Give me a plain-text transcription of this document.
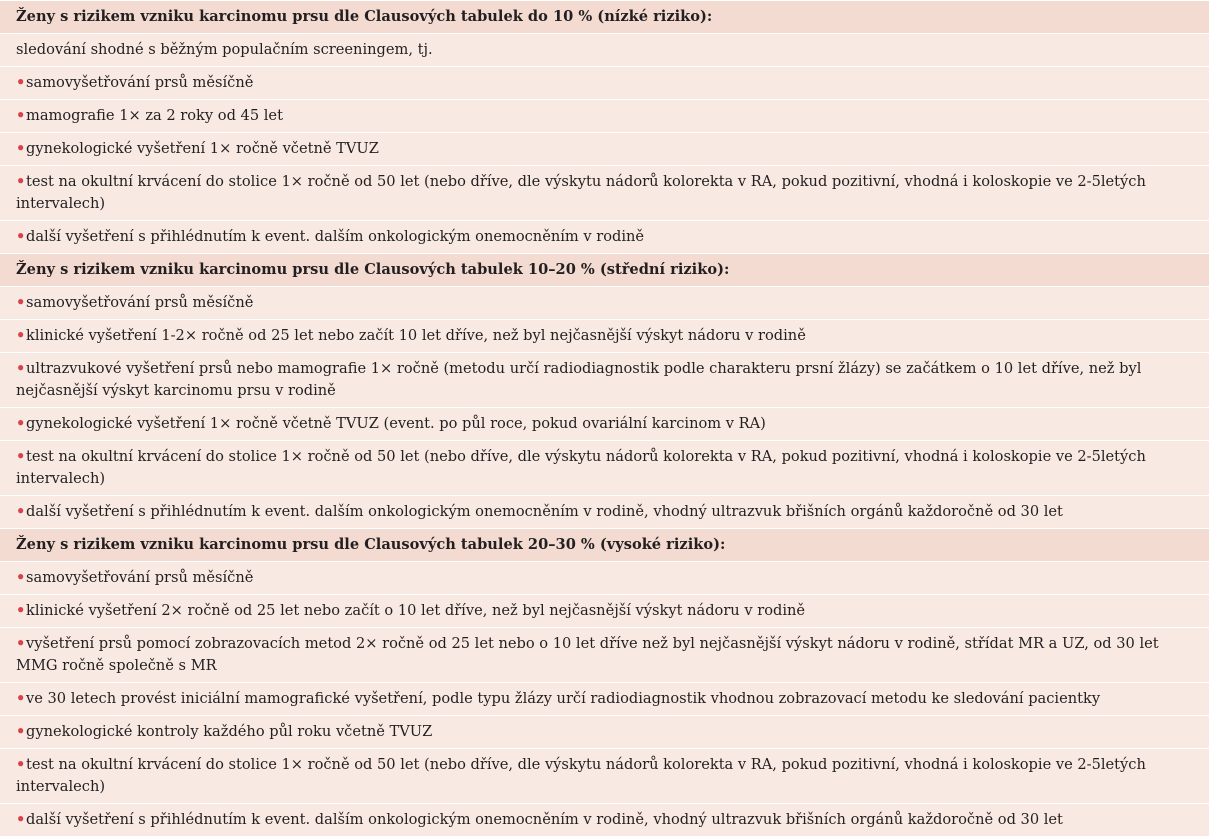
Ženy s rizikem vzniku karcinomu prsu dle Clausových tabulek do 10 % (nízké riziko):
sledování shodné s běžným populačním screeningem, tj.
•samovyšetřování prsů měsíčně
•mamografie 1× za 2 roky od 45 let
•gynekologické vyšetření 1× ročně včetně TVUZ
•test na okultní krvácení do stolice 1× ročně od 50 let (nebo dříve, dle výskytu nádorů kolorekta v RA, pokud pozitivní, vhodná i koloskopie ve 2-5letých intervalech)
•další vyšetření s přihlédnutím k event. dalším onkologickým onemocněním v rodině
Ženy s rizikem vzniku karcinomu prsu dle Clausových tabulek 10–20 % (střední riziko):
•samovyšetřování prsů měsíčně
•klinické vyšetření 1-2× ročně od 25 let nebo začít 10 let dříve, než byl nejčasnější výskyt nádoru v rodině
•ultrazvukové vyšetření prsů nebo mamografie 1× ročně (metodu určí radiodiagnostik podle charakteru prsní žlázy) se začátkem o 10 let dříve, než byl nejčasnější výskyt karcinomu prsu v rodině
•gynekologické vyšetření 1× ročně včetně TVUZ (event. po půl roce, pokud ovariální karcinom v RA)
•test na okultní krvácení do stolice 1× ročně od 50 let (nebo dříve, dle výskytu nádorů kolorekta v RA, pokud pozitivní, vhodná i koloskopie ve 2-5letých intervalech)
•další vyšetření s přihlédnutím k event. dalším onkologickým onemocněním v rodině, vhodný ultrazvuk břišních orgánů každoročně od 30 let
Ženy s rizikem vzniku karcinomu prsu dle Clausových tabulek 20–30 % (vysoké riziko):
•samovyšetřování prsů měsíčně
•klinické vyšetření 2× ročně od 25 let nebo začít o 10 let dříve, než byl nejčasnější výskyt nádoru v rodině
•vyšetření prsů pomocí zobrazovacích metod 2× ročně od 25 let nebo o 10 let dříve než byl nejčasnější výskyt nádoru v rodině, střídat MR a UZ, od 30 let MMG ročně společně s MR
•ve 30 letech provést iniciální mamografické vyšetření, podle typu žlázy určí radiodiagnostik vhodnou zobrazovací metodu ke sledování pacientky
•gynekologické kontroly každého půl roku včetně TVUZ
•test na okultní krvácení do stolice 1× ročně od 50 let (nebo dříve, dle výskytu nádorů kolorekta v RA, pokud pozitivní, vhodná i koloskopie ve 2-5letých intervalech)
•další vyšetření s přihlédnutím k event. dalším onkologickým onemocněním v rodině, vhodný ultrazvuk břišních orgánů každoročně od 30 let
